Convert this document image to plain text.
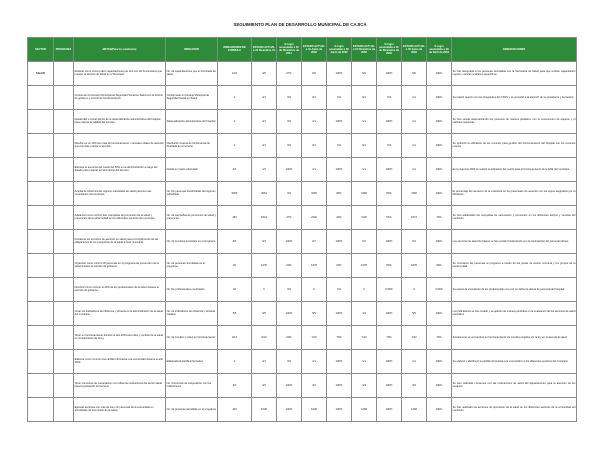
SEGUIMIENTO PLAN DE DESARROLLO MUNICIPAL DE CAJICÁ
SECTOR	PROGRAMA	METAS(Para los cuatrienio)	INDICADOR	INDICADORES DE FORMULA	ESTADO ACTUAL a 31 Diciembre 01	% logro acumulado a 31 de Diciembre de 2011	ESTADO ACTUAL a 31 Junio de 2002	% logro acumulado a 30 Junio de 2002	ESTADO ACTUAL a 31 Diciembre de 2002	% logro acumulado a 31 de Diciembre de 2002	ESTADO ACTUAL a 30 Junio de 2003	% logro acumulado a 30 de Abril de 2003	OBSERVACIONES
SALUD		Realizar como mínimo diez capacitaciones por año con los funcionarios que prestan el servicio de salud en el Municipio.	No. de capacitaciones que lo formulado de salud	10/4	3/6	67%	6/6	100%	6/6	100%	6/6	100%	Se han designado a los personas vinculadas con la Secretaría de Salud para que reciban capacitación regular y asistan a talleres específicos.
		Conformar el Consejo Municipal de Seguridad Social en Salud con la función de gobierno y control de funcionamiento.	Conformado el Consejo Municipal de Seguridad Social en Salud	1	0/1	0%	0/1	0%	0/1	0%	1/1	100%	Se realizó reunión con los integrantes del CSSS y se procedió a la elección de su presidente y secretario.
		Desarrollar e incluir dentro de la sistematización administrativa del hospital para mejorar la calidad del servicio.	Sistematización administrativa del hospital	1	0/1	0%	1/1	100%	1/1	100%	1/1	100%	Se han venido sistematizando los procesos de manera paulatina, con la consecución de equipos y el software requerido.
		Diseñar en un 10% las rutas de funcionamiento, manuales vitales de atención que permitan prestar el servicio.	Diseñación cuanta de funcionamiento diseñada en el servicio	1	0/1	0%	0/1	0%	0/1	0%	1/1	100%	Se optimizó la utilización de los recursos para gestión del funcionamiento del hospital con los recursos propios.
		Efectuar el aumento del cuarto del 50% en la administración a cargo del Estado para mejorar la información del servicio.	Desde un cuarto efectuado	3/1	1/3	100%	1/1	100%	1/1	100%	1/1	100%	En la vigencia 2002 se realizó la aplicación del cuarto para el funcionamiento de la ESE del municipio.
		Ampliar la cobertura del régimen subsidiado de salud para los más necesitados del municipio.	No. De personas beneficiadas del régimen subsidiado	5000	4051	0%	3469	80%	3469	80%	7469	100%	El porcentaje del aumento de la cobertura se ha presentado de acuerdo con los cupos asignados por el Ministerio.
		Adelantar como mínimo diez campañas de promoción de la salud y prevención de la enfermedad en los diferentes sectores del municipio.	No. de campañas de promoción de salud y prevención	160	1844	37%	2340	40%	3140	54%	1574	70%	Se han adelantado las campañas de vacunación y promoción en los diferentes barrios y veredas del municipio.
		Fortalecer los servicios de atención en salud para el cumplimiento de las obligaciones de los programas de la salud a nivel municipal.	No. de servicios prestados en el programa	5/4	5/4	100%	6/7	100%	6/4	100%	6/4	100%	Los servicios de atención básica se han venido fortaleciendo con la contratación del personal idóneo.
		Organizar como mínimo 30 personas en el programa de prevención de la salud durante el período de gobierno.	No. de personas vinculadas en el programa	30	1378	60%	1378	60%	1678	80%	1878	80%	Se vincularon las personas al programa a través de las juntas de acción comunal y los grupos de la tercera edad.
		Nombrar como mínimo el 40% de los profesionales de la salud durante el período de gobierno.	No. De profesionales nombrados	40	6	0%	0	0%	0	0.00%	0	0.00%	Se espera la vinculación de los profesionales una vez se defina la planta de personal del hospital.
		Crear los indicadores de eficiencia y eficacia en la administración de la salud del municipio.	No. de indicadores de eficiencia y eficacia creados	5/5	5/5	100%	5/5	100%	4/4	100%	5/5	100%	Los indicadores se han creado y se aplican de manera periódica en la evaluación de los servicios de salud prestados.
		Tener en funcionamiento durante el año 2001 las redes y comités de la salud en cumplimiento de la ley.	No. de comités y redes en funcionamiento	4/10	6/10	60%	7/10	70%	7/10	70%	7/10	70%	Actualmente se encuentran en funcionamiento los comités exigidos por la ley en el área de la salud.
		Elaborar como mínimo una cartilla informativa a la comunidad durante el año 2002.	Elaborada la cartilla informativa	1	0/1	0%	1/1	100%	1/1	100%	1/1	100%	Se elaboró y distribuyó la cartilla informativa a la comunidad en los diferentes sectores del municipio.
		Tener convenios de cooperación con todas las instituciones del sector salud para la prestación del servicio.	No. Convenios de cooperación con las instituciones	3/3	3/3	100%	3/3	100%	3/3	100%	3/3	100%	Se han realizado convenios con las instituciones de salud del departamento para la atención de los usuarios.
		Ejecutar acciones con más de cien mil personas de la comunidad en actividades de promoción de la salud.	No. de personas atendidas en el programa	100	1048	100%	1048	100%	1268	100%	1268	100%	Se han realizado las acciones de promoción de la salud en los diferentes sectores de la comunidad del municipio.
